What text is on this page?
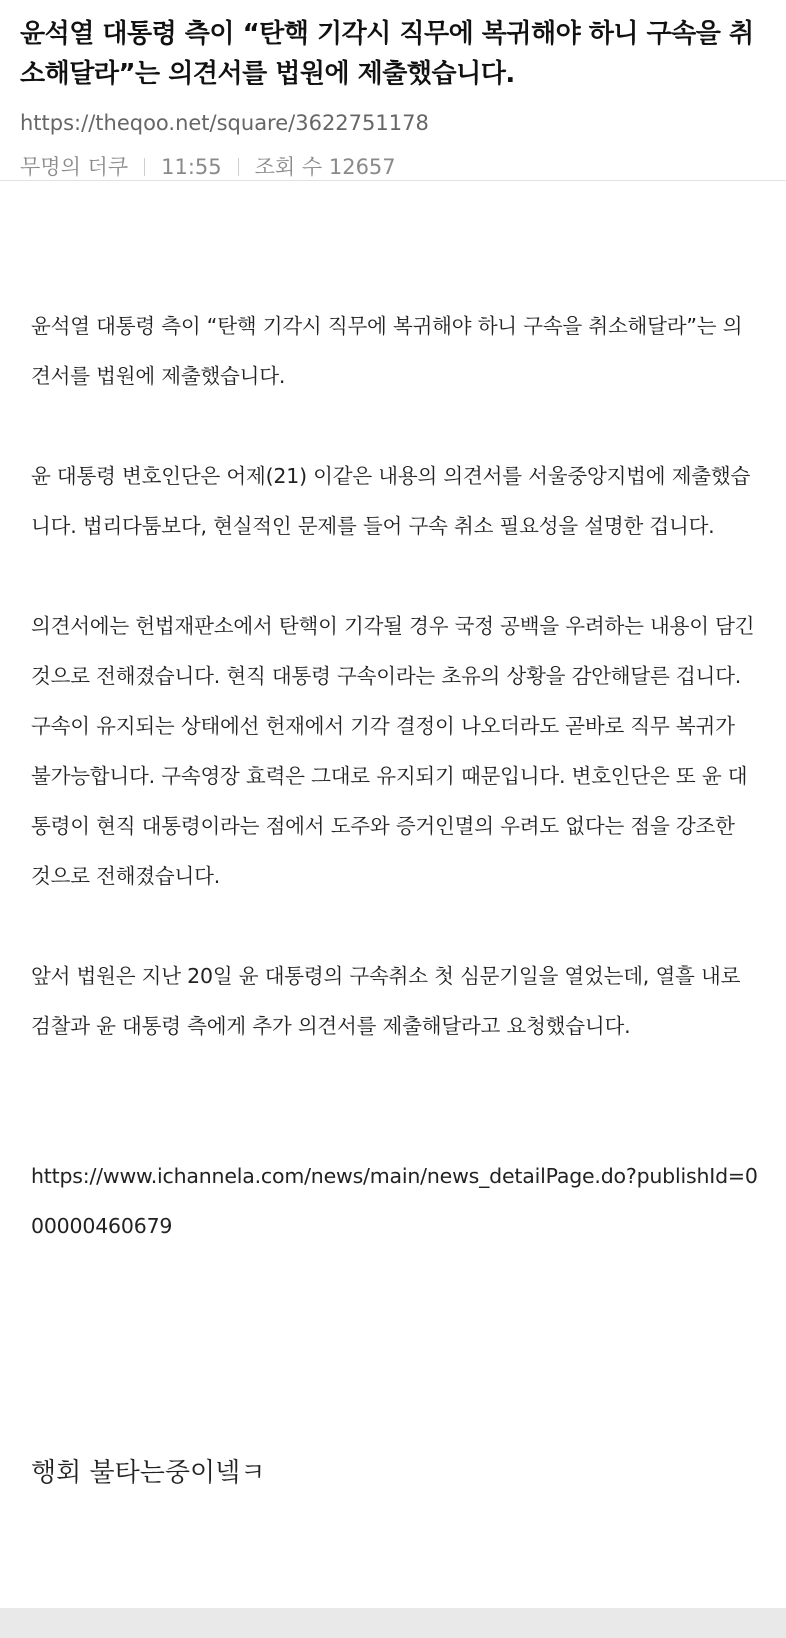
윤석열 대통령 측이 “탄핵 기각시 직무에 복귀해야 하니 구속을 취소해달라”는 의견서를 법원에 제출했습니다.
https://theqoo.net/square/3622751178
무명의 더쿠 11:55 조회 수 12657

윤석열 대통령 측이 “탄핵 기각시 직무에 복귀해야 하니 구속을 취소해달라”는 의견서를 법원에 제출했습니다.

윤 대통령 변호인단은 어제(21) 이같은 내용의 의견서를 서울중앙지법에 제출했습니다. 법리다툼보다, 현실적인 문제를 들어 구속 취소 필요성을 설명한 겁니다.

의견서에는 헌법재판소에서 탄핵이 기각될 경우 국정 공백을 우려하는 내용이 담긴 것으로 전해졌습니다. 현직 대통령 구속이라는 초유의 상황을 감안해달른 겁니다. 구속이 유지되는 상태에선 헌재에서 기각 결정이 나오더라도 곧바로 직무 복귀가 불가능합니다. 구속영장 효력은 그대로 유지되기 때문입니다. 변호인단은 또 윤 대통령이 현직 대통령이라는 점에서 도주와 증거인멸의 우려도 없다는 점을 강조한 것으로 전해졌습니다.

앞서 법원은 지난 20일 윤 대통령의 구속취소 첫 심문기일을 열었는데, 열흘 내로 검찰과 윤 대통령 측에게 추가 의견서를 제출해달라고 요청했습니다.

https://www.ichannela.com/news/main/news_detailPage.do?publishId=000000460679

행회 불타는중이넼ㅋ
